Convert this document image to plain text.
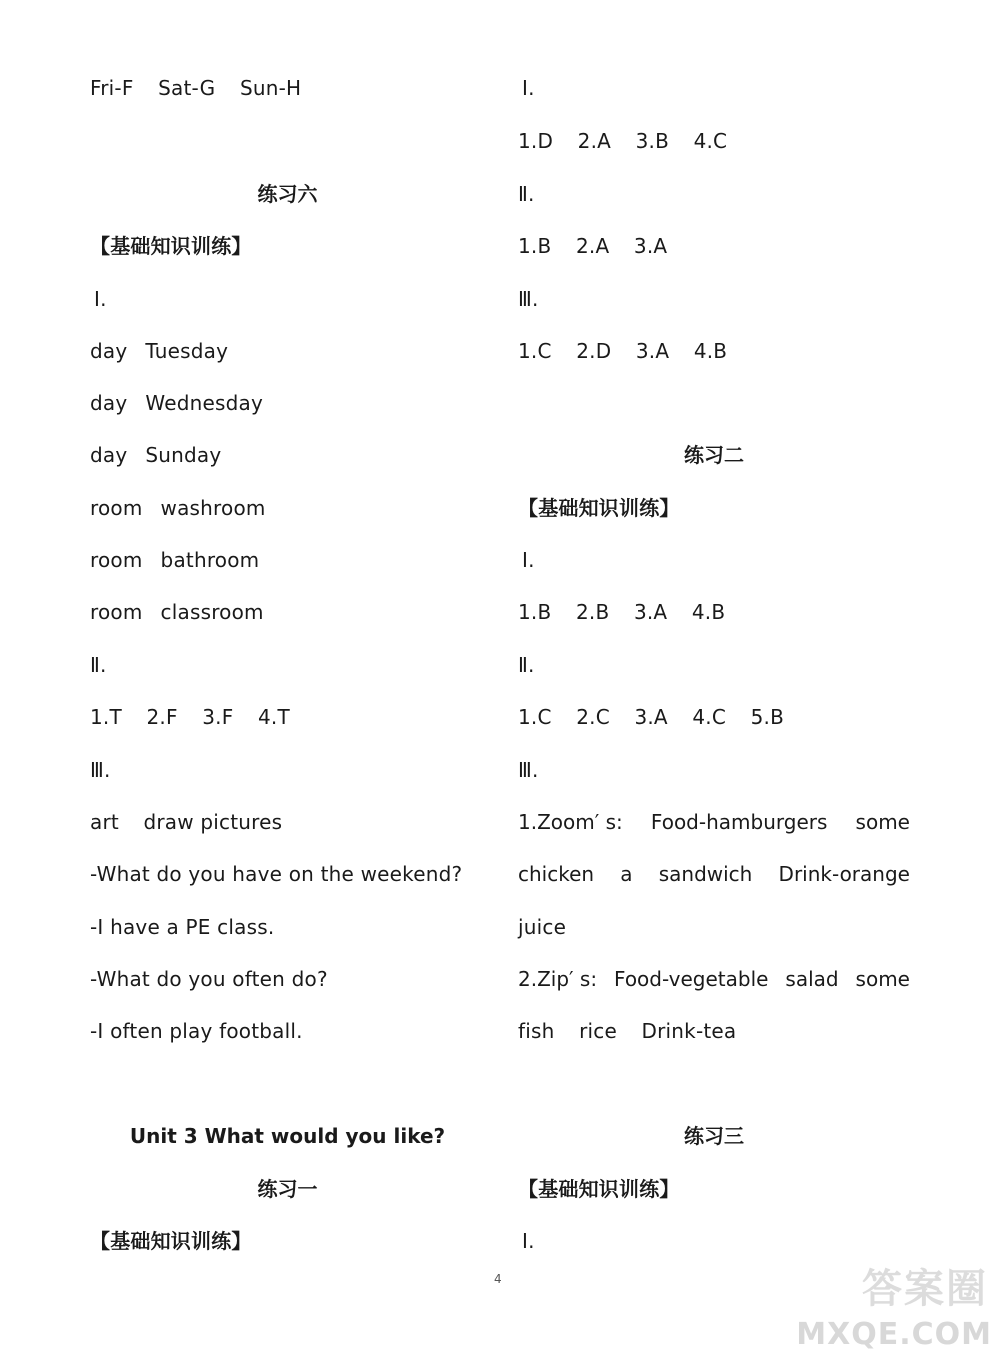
Fri-F Sat-G Sun-H
练习六
【基础知识训练】
Ⅰ.
day Tuesday
day Wednesday
day Sunday
room washroom
room bathroom
room classroom
Ⅱ.
1.T 2.F 3.F 4.T
Ⅲ.
art draw pictures
-What do you have on the weekend?
-I have a PE class.
-What do you often do?
-I often play football.
Unit 3 What would you like?
练习一
【基础知识训练】
Ⅰ.
1.D 2.A 3.B 4.C
Ⅱ.
1.B 2.A 3.A
Ⅲ.
1.C 2.D 3.A 4.B
练习二
【基础知识训练】
Ⅰ.
1.B 2.B 3.A 4.B
Ⅱ.
1.C 2.C 3.A 4.C 5.B
Ⅲ.
1.Zoom′ s: Food-hamburgers some
chicken a sandwich Drink-orange
juice
2.Zip′ s: Food-vegetable salad some
fish rice Drink-tea
练习三
【基础知识训练】
Ⅰ.
4	答案圈
MXQE.COM
